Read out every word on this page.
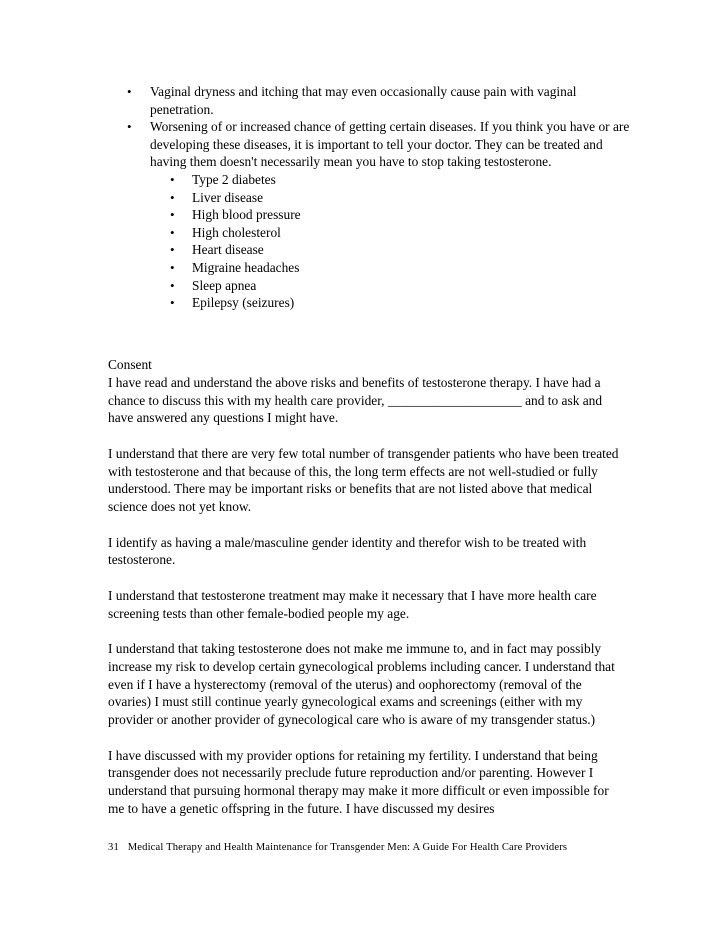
• Vaginal dryness and itching that may even occasionally cause pain with vaginal penetration.
• Worsening of or increased chance of getting certain diseases. If you think you have or are developing these diseases, it is important to tell your doctor. They can be treated and having them doesn't necessarily mean you have to stop taking testosterone.
• Type 2 diabetes
• Liver disease
• High blood pressure
• High cholesterol
• Heart disease
• Migraine headaches
• Sleep apnea
• Epilepsy (seizures)

Consent

I have read and understand the above risks and benefits of testosterone therapy. I have had a chance to discuss this with my health care provider, ____________________ and to ask and have answered any questions I might have.

I understand that there are very few total number of transgender patients who have been treated with testosterone and that because of this, the long term effects are not well-studied or fully understood. There may be important risks or benefits that are not listed above that medical science does not yet know.

I identify as having a male/masculine gender identity and therefor wish to be treated with testosterone.

I understand that testosterone treatment may make it necessary that I have more health care screening tests than other female-bodied people my age.

I understand that taking testosterone does not make me immune to, and in fact may possibly increase my risk to develop certain gynecological problems including cancer. I understand that even if I have a hysterectomy (removal of the uterus) and oophorectomy (removal of the ovaries) I must still continue yearly gynecological exams and screenings (either with my provider or another provider of gynecological care who is aware of my transgender status.)

I have discussed with my provider options for retaining my fertility. I understand that being transgender does not necessarily preclude future reproduction and/or parenting. However I understand that pursuing hormonal therapy may make it more difficult or even impossible for me to have a genetic offspring in the future. I have discussed my desires

31 Medical Therapy and Health Maintenance for Transgender Men: A Guide For Health Care Providers
